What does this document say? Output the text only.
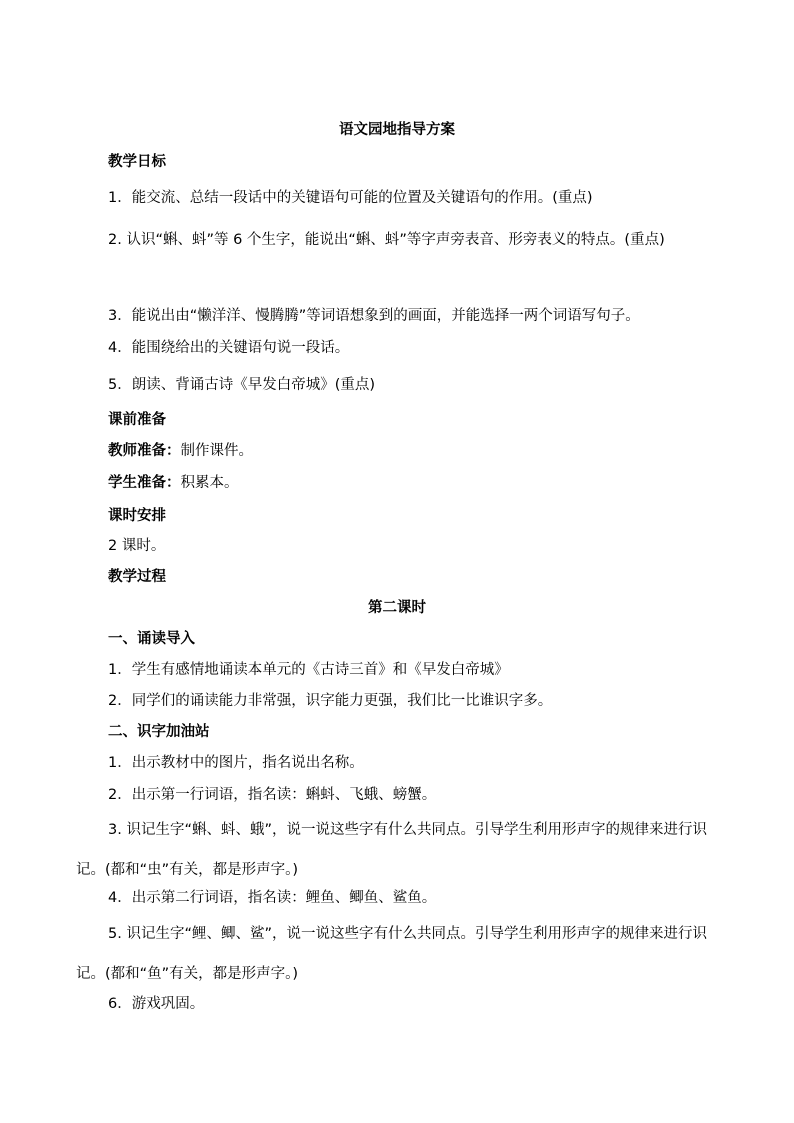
语文园地指导方案
教学日标
1．能交流、总结一段话中的关键语句可能的位置及关键语句的作用。(重点)
2. 认识“蝌、蚪”等 6 个生字，能说出“蝌、蚪”等字声旁表音、形旁表义的特点。(重点)
3．能说出由“懒洋洋、慢腾腾”等词语想象到的画面，并能选择一两个词语写句子。
4．能围绕给出的关键语句说一段话。
5．朗读、背诵古诗《早发白帝城》(重点)
课前准备
教师准备：制作课件。
学生准备：积累本。
课时安排
2 课时。
教学过程
第二课时
一、诵读导入
1．学生有感情地诵读本单元的《古诗三首》和《早发白帝城》
2．同学们的诵读能力非常强，识字能力更强，我们比一比谁识字多。
二、识字加油站
1．出示教材中的图片，指名说出名称。
2．出示第一行词语，指名读：蝌蚪、飞蛾、螃蟹。
3. 识记生字“蝌、蚪、蛾”，说一说这些字有什么共同点。引导学生利用形声字的规律来进行识记。(都和“虫”有关，都是形声字。)
4．出示第二行词语，指名读：鲤鱼、鲫鱼、鲨鱼。
5. 识记生字“鲤、鲫、鲨”，说一说这些字有什么共同点。引导学生利用形声字的规律来进行识记。(都和“鱼”有关，都是形声字。)
6．游戏巩固。
